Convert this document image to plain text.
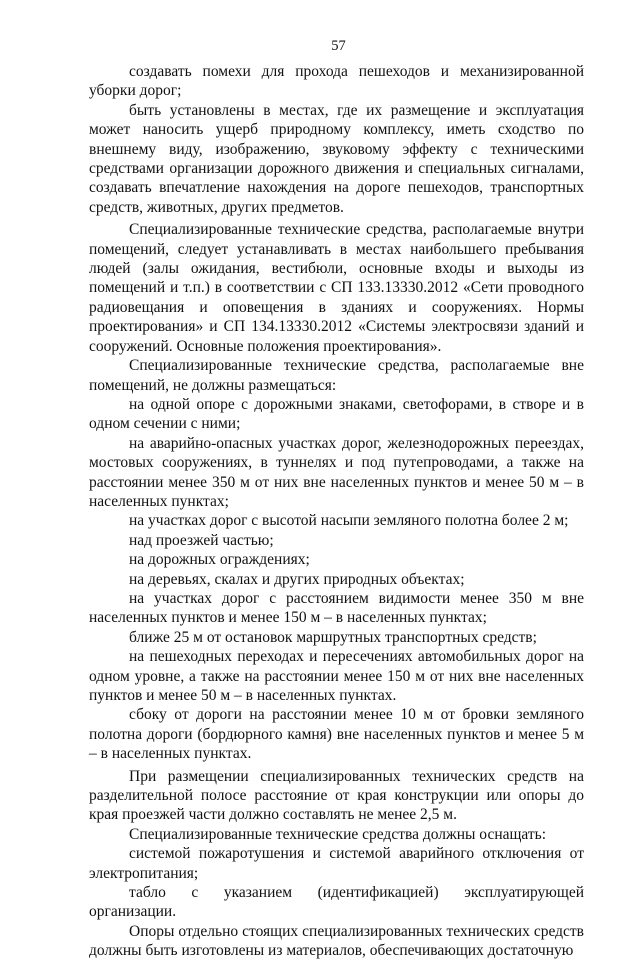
57

создавать помехи для прохода пешеходов и механизированной уборки дорог;

быть установлены в местах, где их размещение и эксплуатация может наносить ущерб природному комплексу, иметь сходство по внешнему виду, изображению, звуковому эффекту с техническими средствами организации дорожного движения и специальных сигналами, создавать впечатление нахождения на дороге пешеходов, транспортных средств, животных, других предметов.

Специализированные технические средства, располагаемые внутри помещений, следует устанавливать в местах наибольшего пребывания людей (залы ожидания, вестибюли, основные входы и выходы из помещений и т.п.) в соответствии с СП 133.13330.2012 «Сети проводного радиовещания и оповещения в зданиях и сооружениях. Нормы проектирования» и СП 134.13330.2012 «Системы электросвязи зданий и сооружений. Основные положения проектирования».

Специализированные технические средства, располагаемые вне помещений, не должны размещаться:

на одной опоре с дорожными знаками, светофорами, в створе и в одном сечении с ними;

на аварийно-опасных участках дорог, железнодорожных переездах, мостовых сооружениях, в туннелях и под путепроводами, а также на расстоянии менее 350 м от них вне населенных пунктов и менее 50 м – в населенных пунктах;

на участках дорог с высотой насыпи земляного полотна более 2 м;

над проезжей частью;

на дорожных ограждениях;

на деревьях, скалах и других природных объектах;

на участках дорог с расстоянием видимости менее 350 м вне населенных пунктов и менее 150 м – в населенных пунктах;

ближе 25 м от остановок маршрутных транспортных средств;

на пешеходных переходах и пересечениях автомобильных дорог на одном уровне, а также на расстоянии менее 150 м от них вне населенных пунктов и менее 50 м – в населенных пунктах.

сбоку от дороги на расстоянии менее 10 м от бровки земляного полотна дороги (бордюрного камня) вне населенных пунктов и менее 5 м – в населенных пунктах.

При размещении специализированных технических средств на разделительной полосе расстояние от края конструкции или опоры до края проезжей части должно составлять не менее 2,5 м.

Специализированные технические средства должны оснащать:

системой пожаротушения и системой аварийного отключения от электропитания;

табло с указанием (идентификацией) эксплуатирующей организации.

Опоры отдельно стоящих специализированных технических средств должны быть изготовлены из материалов, обеспечивающих достаточную
